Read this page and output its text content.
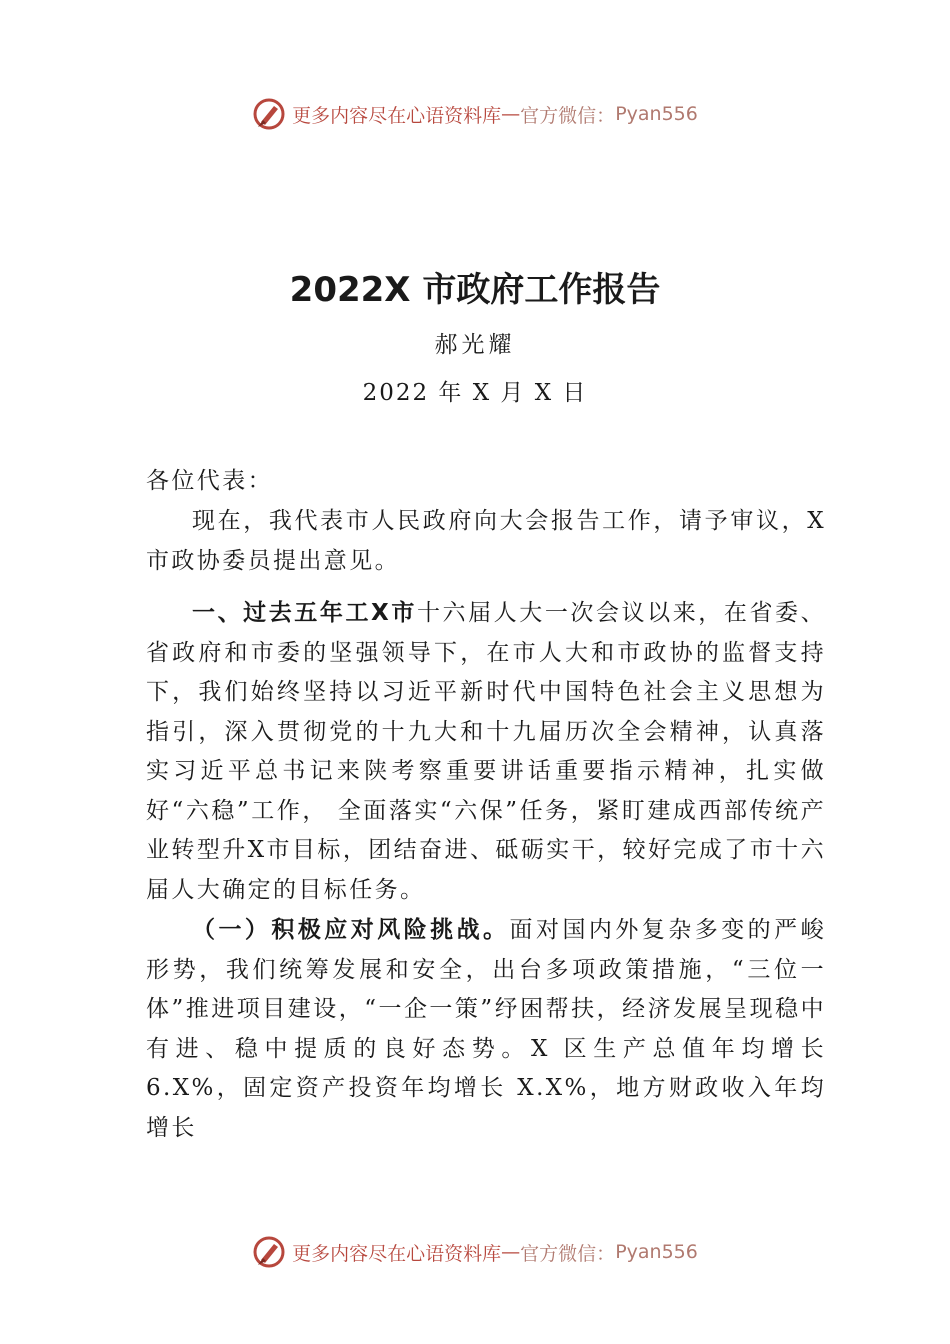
更多内容尽在心语资料库 — 官方微信： Pyan556
2022X 市政府工作报告
郝光耀
2022 年 X 月 X 日
各位代表：
现在，我代表市人民政府向大会报告工作，请予审议，X 市政协委员提出意见。
一、过去五年工X市十六届人大一次会议以来，在省委、省政府和市委的坚强领导下，在市人大和市政协的监督支持下，我们始终坚持以习近平新时代中国特色社会主义思想为指引，深入贯彻党的十九大和十九届历次全会精神，认真落实习近平总书记来陕考察重要讲话重要指示精神，扎实做好“六稳”工作， 全面落实“六保”任务，紧盯建成西部传统产业转型升X市目标，团结奋进、砥砺实干，较好完成了市十六届人大确定的目标任务。
（一）积极应对风险挑战。面对国内外复杂多变的严峻形势，我们统筹发展和安全，出台多项政策措施，“三位一体”推进项目建设，“一企一策”纾困帮扶，经济发展呈现稳中有进、稳中提质的良好态势。X 区生产总值年均增长 6.X%，固定资产投资年均增长 X.X%，地方财政收入年均增长
更多内容尽在心语资料库 — 官方微信： Pyan556
